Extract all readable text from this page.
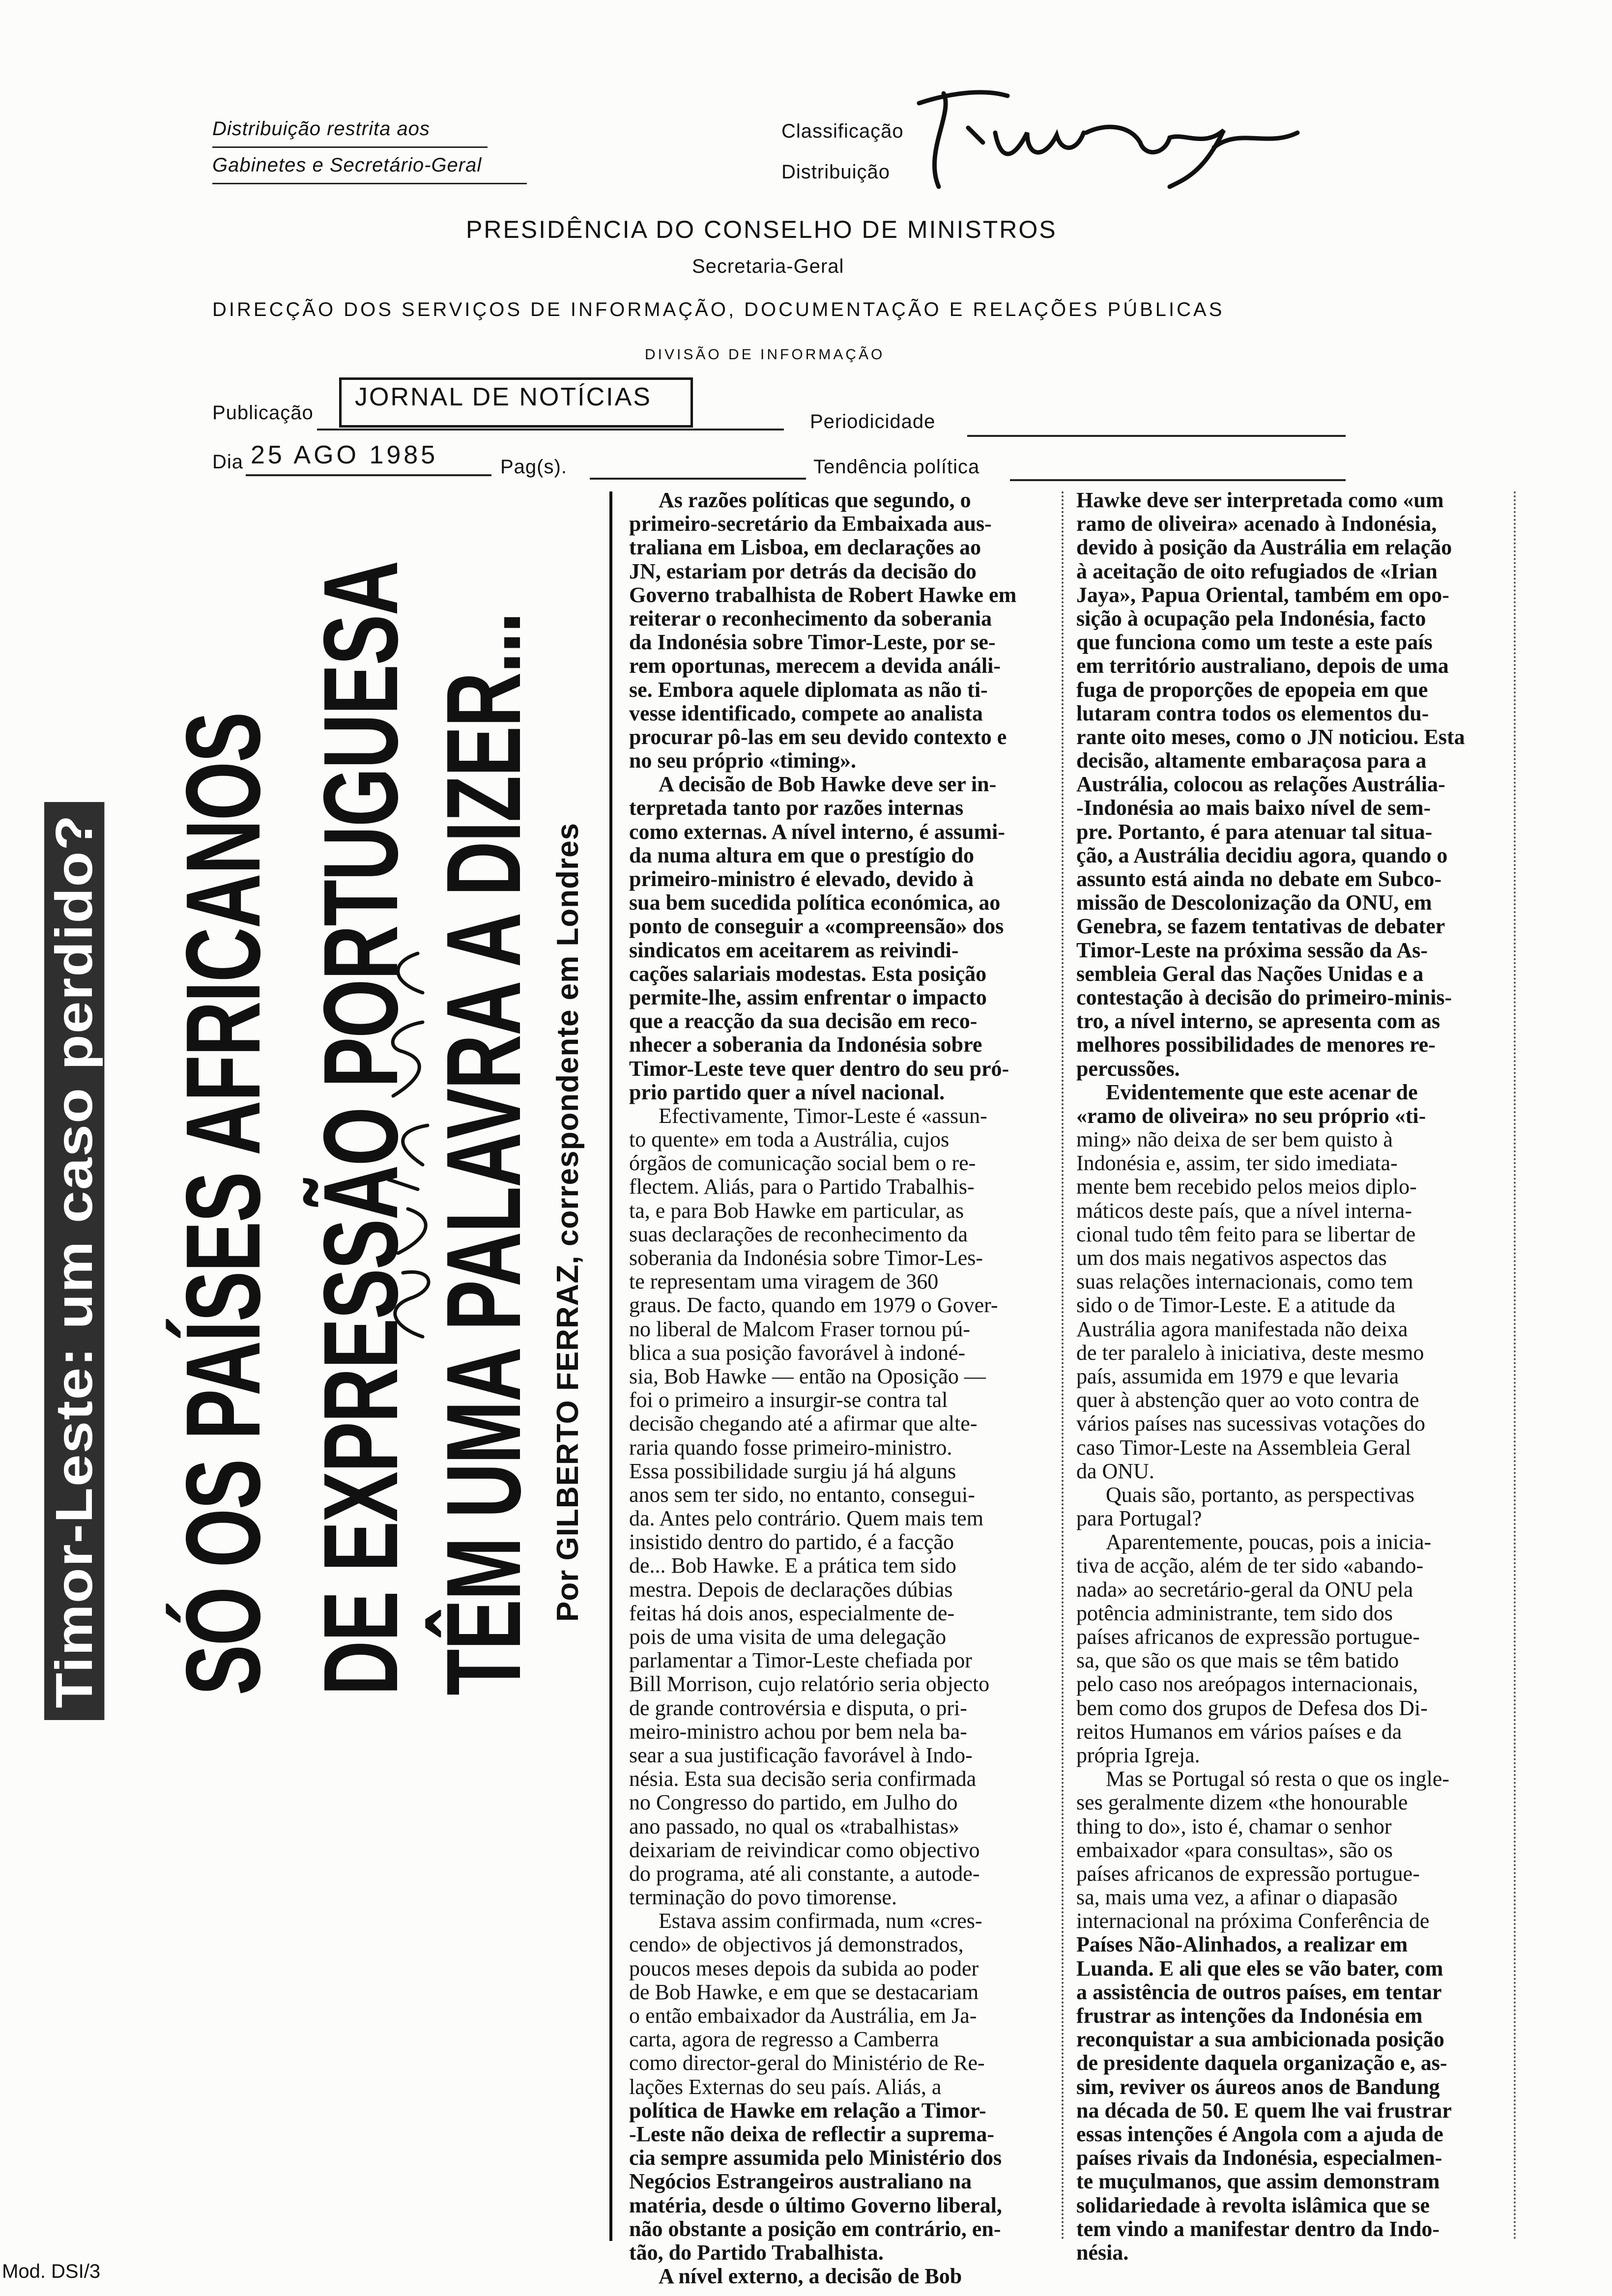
Distribuição restrita aos
Gabinetes e Secretário-Geral
Classificação
Distribuição
PRESIDÊNCIA DO CONSELHO DE MINISTROS
Secretaria-Geral
DIRECÇÃO DOS SERVIÇOS DE INFORMAÇÃO, DOCUMENTAÇÃO E RELAÇÕES PÚBLICAS
DIVISÃO DE INFORMAÇÃO
Publicação
JORNAL DE NOTÍCIAS
Periodicidade
Dia 25 AGO 1985	Pag(s).	Tendência política
Timor-Leste: um caso perdido? SÓ OS PAÍSES AFRICANOS DE EXPRESSÃO PORTUGUESA TÊM UMA PALAVRA A DIZER... Por GILBERTO FERRAZ, correspondente em Londres
As razões políticas que segundo, o
primeiro-secretário da Embaixada aus-
traliana em Lisboa, em declarações ao
JN, estariam por detrás da decisão do
Governo trabalhista de Robert Hawke em
reiterar o reconhecimento da soberania
da Indonésia sobre Timor-Leste, por se-
rem oportunas, merecem a devida análi-
se. Embora aquele diplomata as não ti-
vesse identificado, compete ao analista
procurar pô-las em seu devido contexto e
no seu próprio «timing».
A decisão de Bob Hawke deve ser in-
terpretada tanto por razões internas
como externas. A nível interno, é assumi-
da numa altura em que o prestígio do
primeiro-ministro é elevado, devido à
sua bem sucedida política económica, ao
ponto de conseguir a «compreensão» dos
sindicatos em aceitarem as reivindi-
cações salariais modestas. Esta posição
permite-lhe, assim enfrentar o impacto
que a reacção da sua decisão em reco-
nhecer a soberania da Indonésia sobre
Timor-Leste teve quer dentro do seu pró-
prio partido quer a nível nacional.
Efectivamente, Timor-Leste é «assun-
to quente» em toda a Austrália, cujos
órgãos de comunicação social bem o re-
flectem. Aliás, para o Partido Trabalhis-
ta, e para Bob Hawke em particular, as
suas declarações de reconhecimento da
soberania da Indonésia sobre Timor-Les-
te representam uma viragem de 360
graus. De facto, quando em 1979 o Gover-
no liberal de Malcom Fraser tornou pú-
blica a sua posição favorável à indoné-
sia, Bob Hawke — então na Oposição —
foi o primeiro a insurgir-se contra tal
decisão chegando até a afirmar que alte-
raria quando fosse primeiro-ministro.
Essa possibilidade surgiu já há alguns
anos sem ter sido, no entanto, consegui-
da. Antes pelo contrário. Quem mais tem
insistido dentro do partido, é a facção
de... Bob Hawke. E a prática tem sido
mestra. Depois de declarações dúbias
feitas há dois anos, especialmente de-
pois de uma visita de uma delegação
parlamentar a Timor-Leste chefiada por
Bill Morrison, cujo relatório seria objecto
de grande controvérsia e disputa, o pri-
meiro-ministro achou por bem nela ba-
sear a sua justificação favorável à Indo-
nésia. Esta sua decisão seria confirmada
no Congresso do partido, em Julho do
ano passado, no qual os «trabalhistas»
deixariam de reivindicar como objectivo
do programa, até ali constante, a autode-
terminação do povo timorense.
Estava assim confirmada, num «cres-
cendo» de objectivos já demonstrados,
poucos meses depois da subida ao poder
de Bob Hawke, e em que se destacariam
o então embaixador da Austrália, em Ja-
carta, agora de regresso a Camberra
como director-geral do Ministério de Re-
lações Externas do seu país. Aliás, a
política de Hawke em relação a Timor-
-Leste não deixa de reflectir a suprema-
cia sempre assumida pelo Ministério dos
Negócios Estrangeiros australiano na
matéria, desde o último Governo liberal,
não obstante a posição em contrário, en-
tão, do Partido Trabalhista.
A nível externo, a decisão de Bob
Hawke deve ser interpretada como «um
ramo de oliveira» acenado à Indonésia,
devido à posição da Austrália em relação
à aceitação de oito refugiados de «Irian
Jaya», Papua Oriental, também em opo-
sição à ocupação pela Indonésia, facto
que funciona como um teste a este país
em território australiano, depois de uma
fuga de proporções de epopeia em que
lutaram contra todos os elementos du-
rante oito meses, como o JN noticiou. Esta
decisão, altamente embaraçosa para a
Austrália, colocou as relações Austrália-
-Indonésia ao mais baixo nível de sem-
pre. Portanto, é para atenuar tal situa-
ção, a Austrália decidiu agora, quando o
assunto está ainda no debate em Subco-
missão de Descolonização da ONU, em
Genebra, se fazem tentativas de debater
Timor-Leste na próxima sessão da As-
sembleia Geral das Nações Unidas e a
contestação à decisão do primeiro-minis-
tro, a nível interno, se apresenta com as
melhores possibilidades de menores re-
percussões.
Evidentemente que este acenar de
«ramo de oliveira» no seu próprio «ti-
ming» não deixa de ser bem quisto à
Indonésia e, assim, ter sido imediata-
mente bem recebido pelos meios diplo-
máticos deste país, que a nível interna-
cional tudo têm feito para se libertar de
um dos mais negativos aspectos das
suas relações internacionais, como tem
sido o de Timor-Leste. E a atitude da
Austrália agora manifestada não deixa
de ter paralelo à iniciativa, deste mesmo
país, assumida em 1979 e que levaria
quer à abstenção quer ao voto contra de
vários países nas sucessivas votações do
caso Timor-Leste na Assembleia Geral
da ONU.
Quais são, portanto, as perspectivas
para Portugal?
Aparentemente, poucas, pois a inicia-
tiva de acção, além de ter sido «abando-
nada» ao secretário-geral da ONU pela
potência administrante, tem sido dos
países africanos de expressão portugue-
sa, que são os que mais se têm batido
pelo caso nos areópagos internacionais,
bem como dos grupos de Defesa dos Di-
reitos Humanos em vários países e da
própria Igreja.
Mas se Portugal só resta o que os ingle-
ses geralmente dizem «the honourable
thing to do», isto é, chamar o senhor
embaixador «para consultas», são os
países africanos de expressão portugue-
sa, mais uma vez, a afinar o diapasão
internacional na próxima Conferência de
Países Não-Alinhados, a realizar em
Luanda. E ali que eles se vão bater, com
a assistência de outros países, em tentar
frustrar as intenções da Indonésia em
reconquistar a sua ambicionada posição
de presidente daquela organização e, as-
sim, reviver os áureos anos de Bandung
na década de 50. E quem lhe vai frustrar
essas intenções é Angola com a ajuda de
países rivais da Indonésia, especialmen-
te muçulmanos, que assim demonstram
solidariedade à revolta islâmica que se
tem vindo a manifestar dentro da Indo-
nésia.
Mod. DSI/3
